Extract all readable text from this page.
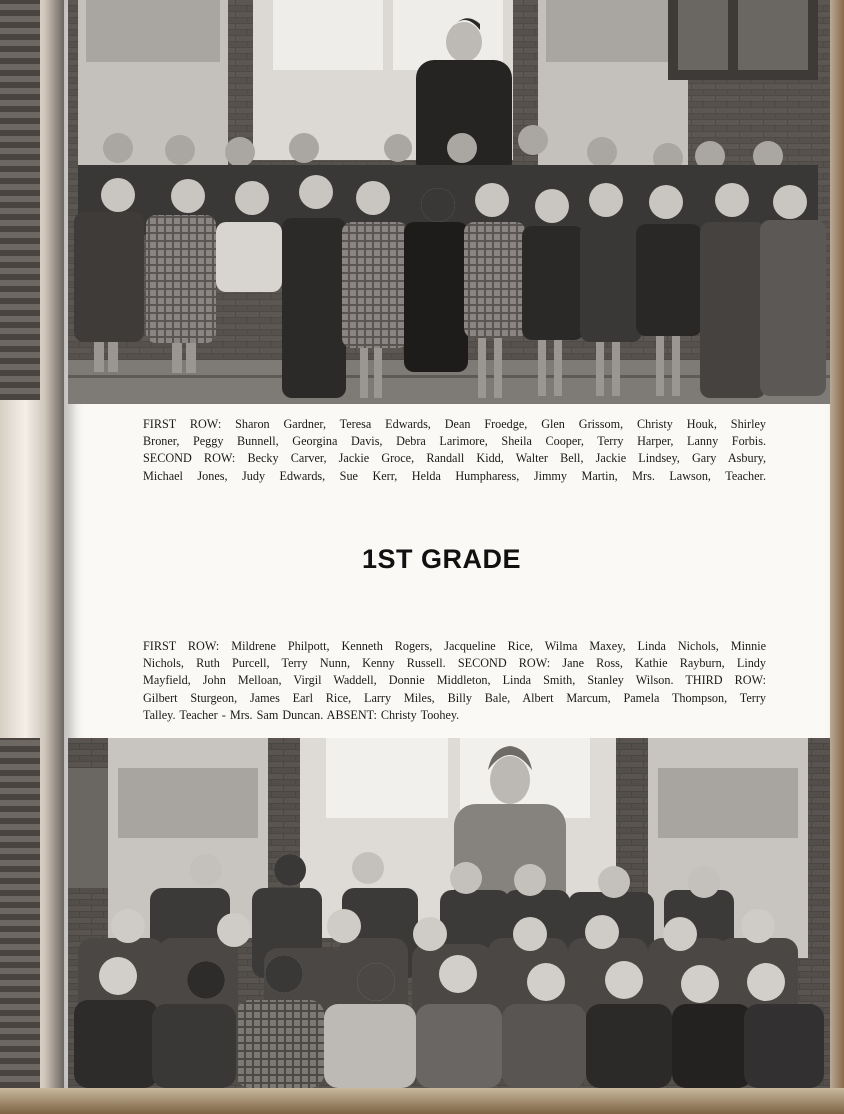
FIRST ROW: Sharon Gardner, Teresa Edwards, Dean Froedge, Glen Grissom, Christy Houk, Shirley
Broner, Peggy Bunnell, Georgina Davis, Debra Larimore, Sheila Cooper, Terry Harper, Lanny Forbis.
SECOND ROW: Becky Carver, Jackie Groce, Randall Kidd, Walter Bell, Jackie Lindsey, Gary Asbury,
Michael Jones, Judy Edwards, Sue Kerr, Helda Humpharess, Jimmy Martin, Mrs. Lawson, Teacher.
1ST GRADE
FIRST ROW: Mildrene Philpott, Kenneth Rogers, Jacqueline Rice, Wilma Maxey, Linda Nichols, Minnie
Nichols, Ruth Purcell, Terry Nunn, Kenny Russell. SECOND ROW: Jane Ross, Kathie Rayburn, Lindy
Mayfield, John Melloan, Virgil Waddell, Donnie Middleton, Linda Smith, Stanley Wilson. THIRD ROW:
Gilbert Sturgeon, James Earl Rice, Larry Miles, Billy Bale, Albert Marcum, Pamela Thompson, Terry
Talley. Teacher - Mrs. Sam Duncan. ABSENT: Christy Toohey.
